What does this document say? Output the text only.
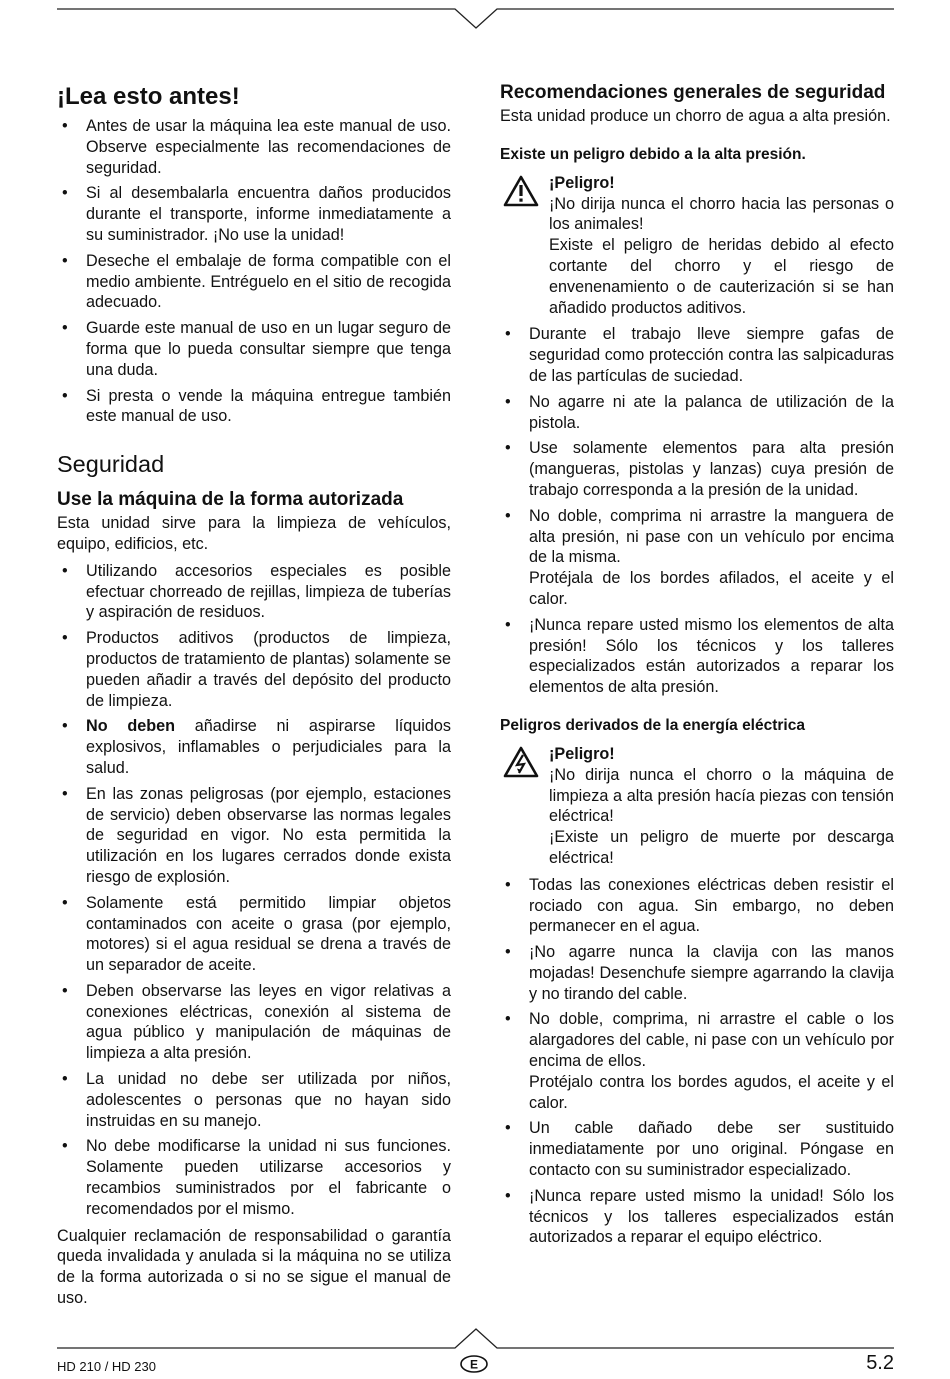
¡Lea esto antes!
• Antes de usar la máquina lea este manual de uso. Observe especialmente las recomendaciones de seguridad.
• Si al desembalarla encuentra daños producidos durante el transporte, informe inmediatamente a su suministrador. ¡No use la unidad!
• Deseche el embalaje de forma compatible con el medio ambiente. Entréguelo en el sitio de recogida adecuado.
• Guarde este manual de uso en un lugar seguro de forma que lo pueda consultar siempre que tenga una duda.
• Si presta o vende la máquina entregue también este manual de uso.
Seguridad
Use la máquina de la forma autorizada

Esta unidad sirve para la limpieza de vehículos, equipo, edificios, etc.

• Utilizando accesorios especiales es posible efectuar chorreado de rejillas, limpieza de tuberías y aspiración de residuos.
• Productos aditivos (productos de limpieza, productos de tratamiento de plantas) solamente se pueden añadir a través del depósito del producto de limpieza.
• No deben añadirse ni aspirarse líquidos explosivos, inflamables o perjudiciales para la salud.
• En las zonas peligrosas (por ejemplo, estaciones de servicio) deben observarse las normas legales de seguridad en vigor. No esta permitida la utilización en los lugares cerrados donde exista riesgo de explosión.
• Solamente está permitido limpiar objetos contaminados con aceite o grasa (por ejemplo, motores) si el agua residual se drena a través de un separador de aceite.
• Deben observarse las leyes en vigor relativas a conexiones eléctricas, conexión al sistema de agua público y manipulación de máquinas de limpieza a alta presión.
• La unidad no debe ser utilizada por niños, adolescentes o personas que no hayan sido instruidas en su manejo.
• No debe modificarse la unidad ni sus funciones. Solamente pueden utilizarse accesorios y recambios suministrados por el fabricante o recomendados por el mismo.

Cualquier reclamación de responsabilidad o garantía queda invalidada y anulada si la máquina no se utiliza de la forma autorizada o si no se sigue el manual de uso.

Recomendaciones generales de seguridad

Esta unidad produce un chorro de agua a alta presión.

Existe un peligro debido a la alta presión.
¡Peligro!

¡No dirija nunca el chorro hacia las personas o los animales!

Existe el peligro de heridas debido al efecto cortante del chorro y el riesgo de envenenamiento o de cauterización si se han añadido productos aditivos.

• Durante el trabajo lleve siempre gafas de seguridad como protección contra las salpicaduras de las partículas de suciedad.
• No agarre ni ate la palanca de utilización de la pistola.
• Use solamente elementos para alta presión (mangueras, pistolas y lanzas) cuya presión de trabajo corresponda a la presión de la unidad.
• No doble, comprima ni arrastre la manguera de alta presión, ni pase con un vehículo por encima de la misma.
Protéjala de los bordes afilados, el aceite y el calor.
• ¡Nunca repare usted mismo los elementos de alta presión! Sólo los técnicos y los talleres especializados están autorizados a reparar los elementos de alta presión.
Peligros derivados de la energía eléctrica
¡Peligro!

¡No dirija nunca el chorro o la máquina de limpieza a alta presión hacía piezas con tensión eléctrica!

¡Existe un peligro de muerte por descarga eléctrica!

• Todas las conexiones eléctricas deben resistir el rociado con agua. Sin embargo, no deben permanecer en el agua.
• ¡No agarre nunca la clavija con las manos mojadas! Desenchufe siempre agarrando la clavija y no tirando del cable.
• No doble, comprima, ni arrastre el cable o los alargadores del cable, ni pase con un vehículo por encima de ellos.
Protéjalo contra los bordes agudos, el aceite y el calor.
• Un cable dañado debe ser sustituido inmediatamente por uno original. Póngase en contacto con su suministrador especializado.
• ¡Nunca repare usted mismo la unidad! Sólo los técnicos y los talleres especializados están autorizados a reparar el equipo eléctrico.
HD 210 / HD 230	E	5.2
